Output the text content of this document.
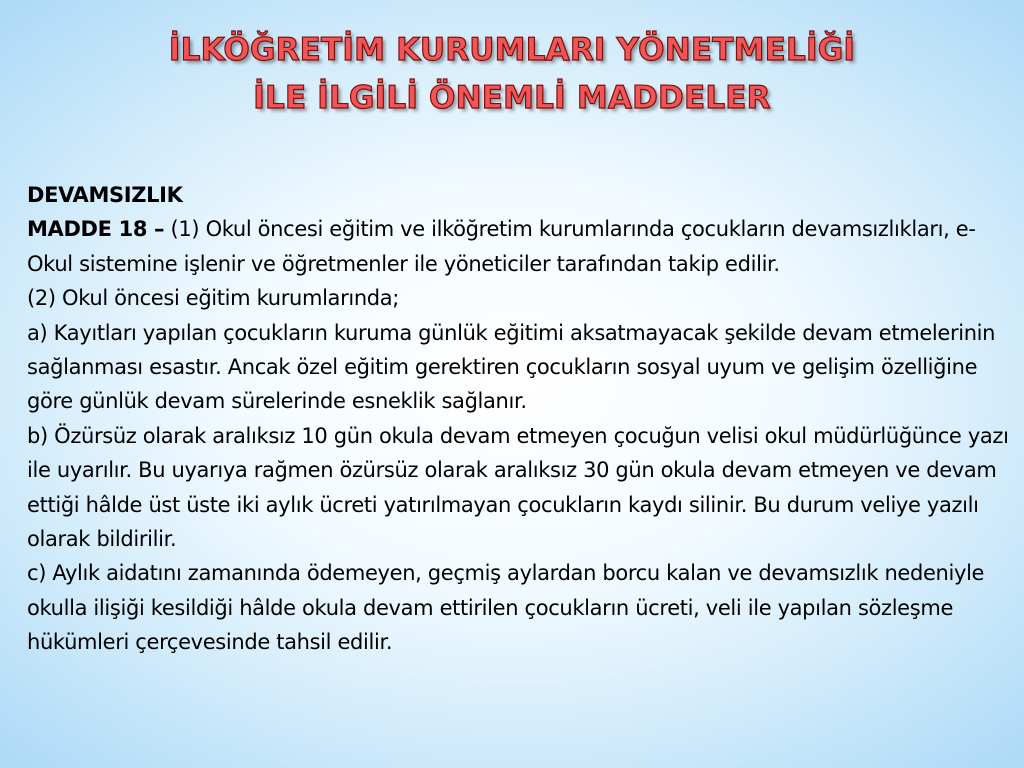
İLKÖĞRETİM KURUMLARI YÖNETMELİĞİ
İLE İLGİLİ ÖNEMLİ MADDELER

DEVAMSIZLIK

MADDE 18 – (1) Okul öncesi eğitim ve ilköğretim kurumlarında çocukların devamsızlıkları, e-Okul sistemine işlenir ve öğretmenler ile yöneticiler tarafından takip edilir.

(2) Okul öncesi eğitim kurumlarında;

a) Kayıtları yapılan çocukların kuruma günlük eğitimi aksatmayacak şekilde devam etmelerinin sağlanması esastır. Ancak özel eğitim gerektiren çocukların sosyal uyum ve gelişim özelliğine göre günlük devam sürelerinde esneklik sağlanır.

b) Özürsüz olarak aralıksız 10 gün okula devam etmeyen çocuğun velisi okul müdürlüğünce yazı ile uyarılır. Bu uyarıya rağmen özürsüz olarak aralıksız 30 gün okula devam etmeyen ve devam ettiği hâlde üst üste iki aylık ücreti yatırılmayan çocukların kaydı silinir. Bu durum veliye yazılı olarak bildirilir.

c) Aylık aidatını zamanında ödemeyen, geçmiş aylardan borcu kalan ve devamsızlık nedeniyle okulla ilişiği kesildiği hâlde okula devam ettirilen çocukların ücreti, veli ile yapılan sözleşme hükümleri çerçevesinde tahsil edilir.
